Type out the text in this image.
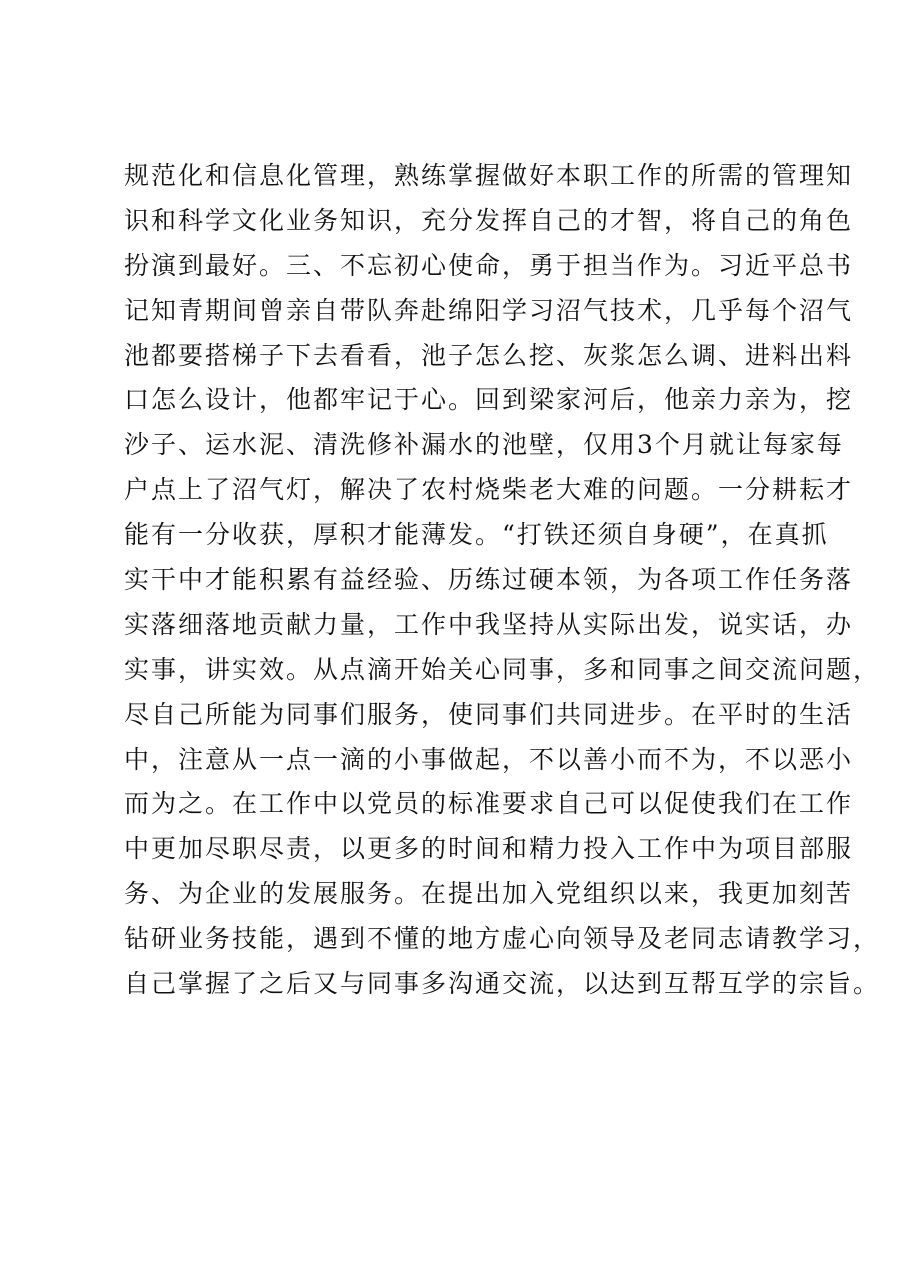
规范化和信息化管理，熟练掌握做好本职工作的所需的管理知
识和科学文化业务知识，充分发挥自己的才智，将自己的角色
扮演到最好。三、不忘初心使命，勇于担当作为。习近平总书
记知青期间曾亲自带队奔赴绵阳学习沼气技术，几乎每个沼气
池都要搭梯子下去看看，池子怎么挖、灰浆怎么调、进料出料
口怎么设计，他都牢记于心。回到梁家河后，他亲力亲为，挖
沙子、运水泥、清洗修补漏水的池壁，仅用3个月就让每家每
户点上了沼气灯，解决了农村烧柴老大难的问题。一分耕耘才
能有一分收获，厚积才能薄发。“打铁还须自身硬”，在真抓
实干中才能积累有益经验、历练过硬本领，为各项工作任务落
实落细落地贡献力量，工作中我坚持从实际出发，说实话，办
实事，讲实效。从点滴开始关心同事，多和同事之间交流问题，
尽自己所能为同事们服务，使同事们共同进步。在平时的生活
中，注意从一点一滴的小事做起，不以善小而不为，不以恶小
而为之。在工作中以党员的标准要求自己可以促使我们在工作
中更加尽职尽责，以更多的时间和精力投入工作中为项目部服
务、为企业的发展服务。在提出加入党组织以来，我更加刻苦
钻研业务技能，遇到不懂的地方虚心向领导及老同志请教学习，
自己掌握了之后又与同事多沟通交流，以达到互帮互学的宗旨。
